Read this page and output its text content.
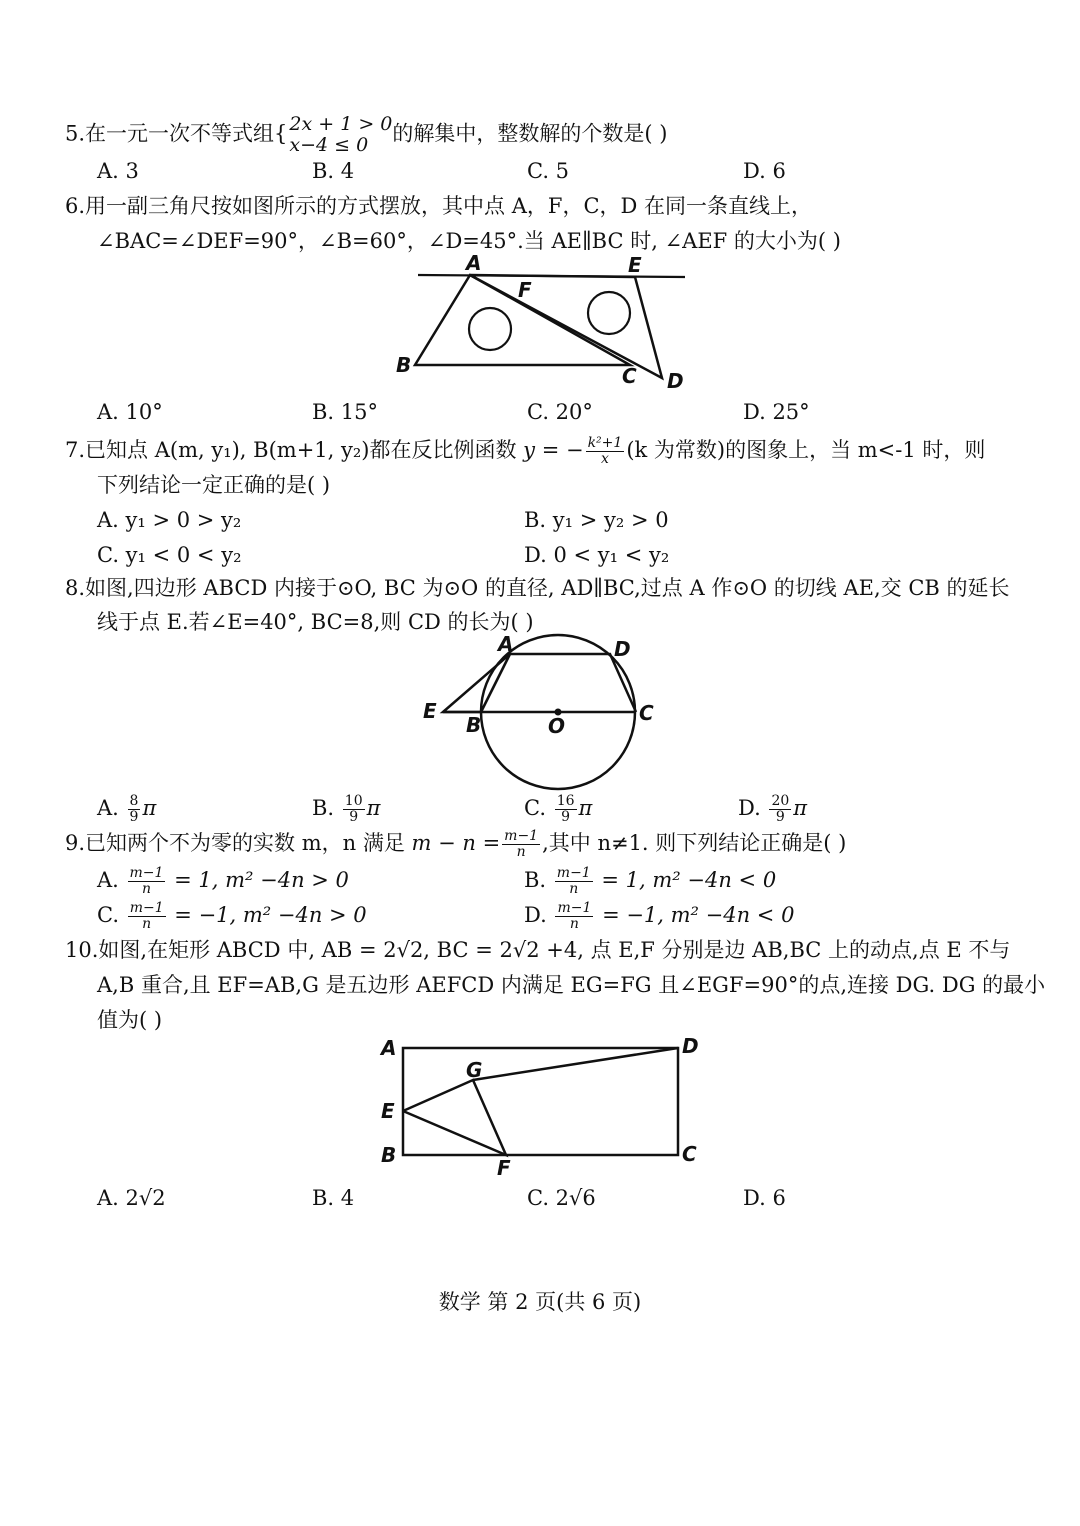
5.在一元一次不等式组{ 2x + 1 > 0
x−4 ≤ 0	的解集中，整数解的个数是( )
A. 3	B. 4	C. 5	D. 6
6.用一副三角尺按如图所示的方式摆放，其中点 A，F，C，D 在同一条直线上，
∠BAC=∠DEF=90°，∠B=60°，∠D=45°.当 AE∥BC 时, ∠AEF 的大小为( )
A	E
F
B	C D
A. 10°	B. 15°	C. 20°	D. 25°
7.已知点 A(m, y₁), B(m+1, y₂)都在反比例函数 y = − $\frac{\text{k²+1}}{x} (k$ 为常数)的图象上，当 m<-1 时，则
下列结论一定正确的是( )
A. y₁ > 0 > y₂	B. y₁ > y₂ > 0
C. y₁ < 0 < y₂	D. 0 < y₁ < y₂
8.如图,四边形 ABCD 内接于⊙O, BC 为⊙O 的直径, AD∥BC,过点 A 作⊙O 的切线 AE,交 CB 的延长
线于点 E.若∠E=40°, BC=8,则 CD 的长为( )
A	D
E
B	O
C
A. $\frac{8}{9}$ π	B. $\frac{10}{9}$ π	C. $\frac{16}{9}$ π	D. $\frac{20}{9}$ π
9.已知两个不为零的实数 m，n 满足 $m - n = \frac{m-1}{n}$ ,其中 n≠1. 则下列结论正确是( )
A. $\frac{m-1}{n} = 1$, m² −4n > 0	B. $\frac{m-1}{n} = 1$, m² −4n < 0
C. $\frac{m-1}{n} = -1$, m² −4n > 0	D. $\frac{m-1}{n} = -1$, m² −4n < 0
10.如图,在矩形 ABCD 中, AB = 2√2, BC = 2√2 +4, 点 E,F 分别是边 AB,BC 上的动点,点 E 不与
A,B 重合,且 EF=AB,G 是五边形 AEFCD 内满足 EG=FG 且∠EGF=90°的点,连接 DG. DG 的最小
值为( )
A	D
G
E
B
F
C
A. 2√2	B. 4	C. 2√6	D. 6
数学 第 2 页(共 6 页)
